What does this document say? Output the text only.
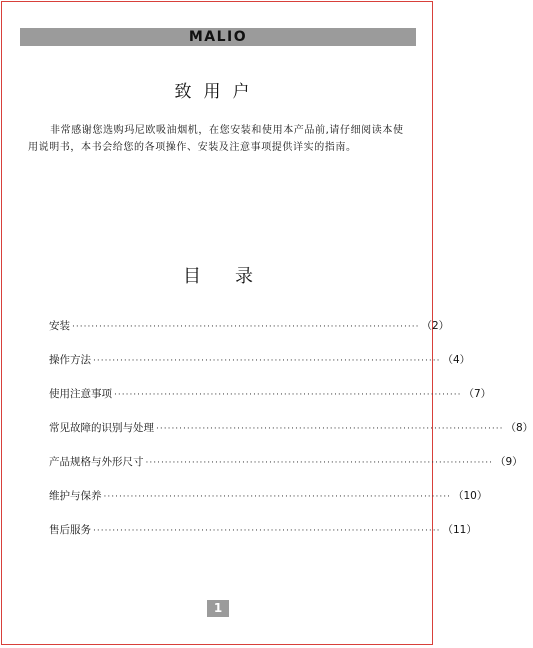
MALIO
致用户

非常感谢您选购玛尼欧吸油烟机，在您安装和使用本产品前,请仔细阅读本使用说明书，本书会给您的各项操作、安装及注意事项提供详实的指南。

目录
安装 ·························································································· （2）
操作方法 ·························································································· （4）
使用注意事项 ·························································································· （7）
常见故障的识别与处理 ·························································································· （8）
产品规格与外形尺寸 ·························································································· （9）
维护与保养 ·························································································· （10）
售后服务 ·························································································· （11）
1
